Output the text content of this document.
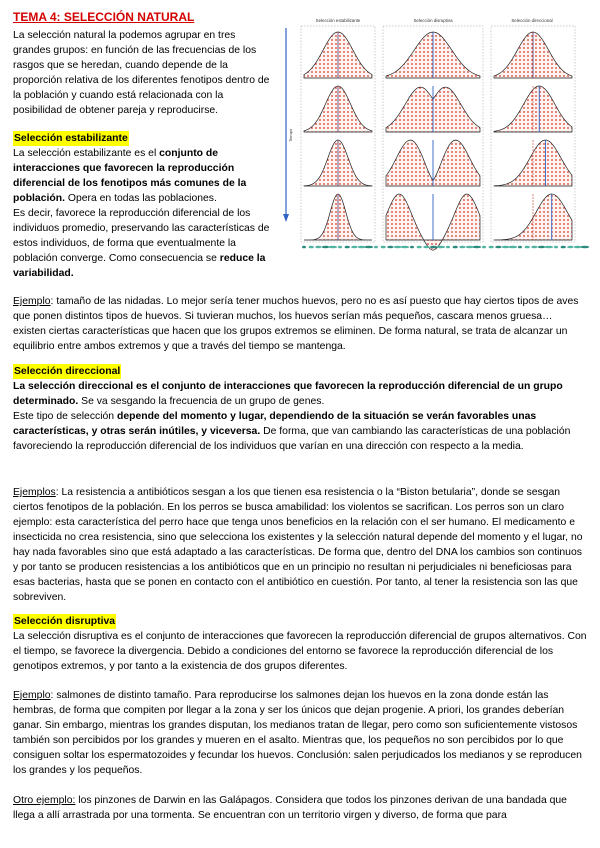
TEMA 4: SELECCIÓN NATURAL

La selección natural la podemos agrupar en tres grandes grupos: en función de las frecuencias de los rasgos que se heredan, cuando depende de la proporción relativa de los diferentes fenotipos dentro de la población y cuando está relacionada con la posibilidad de obtener pareja y reproducirse.

Tiempo
Selección estabilizante	Selección disruptiva	Selección direccional

Selección estabilizante

La selección estabilizante es el conjunto de interacciones que favorecen la reproducción diferencial de los fenotipos más comunes de la población. Opera en todas las poblaciones.

Es decir, favorece la reproducción diferencial de los individuos promedio, preservando las características de estos individuos, de forma que eventualmente la población converge. Como consecuencia se reduce la variabilidad.

Ejemplo: tamaño de las nidadas. Lo mejor sería tener muchos huevos, pero no es así puesto que hay ciertos tipos de aves que ponen distintos tipos de huevos. Si tuvieran muchos, los huevos serían más pequeños, cascara menos gruesa… existen ciertas características que hacen que los grupos extremos se eliminen. De forma natural, se trata de alcanzar un equilibrio entre ambos extremos y que a través del tiempo se mantenga.

Selección direccional

La selección direccional es el conjunto de interacciones que favorecen la reproducción diferencial de un grupo determinado. Se va sesgando la frecuencia de un grupo de genes.

Este tipo de selección depende del momento y lugar, dependiendo de la situación se verán favorables unas características, y otras serán inútiles, y viceversa. De forma, que van cambiando las características de una población favoreciendo la reproducción diferencial de los individuos que varían en una dirección con respecto a la media.

Ejemplos: La resistencia a antibióticos sesgan a los que tienen esa resistencia o la “Biston betularia”, donde se sesgan ciertos fenotipos de la población. En los perros se busca amabilidad: los violentos se sacrifican. Los perros son un claro ejemplo: esta característica del perro hace que tenga unos beneficios en la relación con el ser humano. El medicamento e insecticida no crea resistencia, sino que selecciona los existentes y la selección natural depende del momento y el lugar, no hay nada favorables sino que está adaptado a las características. De forma que, dentro del DNA los cambios son continuos y por tanto se producen resistencias a los antibióticos que en un principio no resultan ni perjudiciales ni beneficiosas para esas bacterias, hasta que se ponen en contacto con el antibiótico en cuestión. Por tanto, al tener la resistencia son las que sobreviven.

Selección disruptiva

La selección disruptiva es el conjunto de interacciones que favorecen la reproducción diferencial de grupos alternativos. Con el tiempo, se favorece la divergencia. Debido a condiciones del entorno se favorece la reproducción diferencial de los genotipos extremos, y por tanto a la existencia de dos grupos diferentes.

Ejemplo: salmones de distinto tamaño. Para reproducirse los salmones dejan los huevos en la zona donde están las hembras, de forma que compiten por llegar a la zona y ser los únicos que dejan progenie. A priori, los grandes deberían ganar. Sin embargo, mientras los grandes disputan, los medianos tratan de llegar, pero como son suficientemente vistosos también son percibidos por los grandes y mueren en el asalto. Mientras que, los pequeños no son percibidos por lo que consiguen soltar los espermatozoides y fecundar los huevos. Conclusión: salen perjudicados los medianos y se reproducen los grandes y los pequeños.

Otro ejemplo: los pinzones de Darwin en las Galápagos. Considera que todos los pinzones derivan de una bandada que llega a allí arrastrada por una tormenta. Se encuentran con un territorio virgen y diverso, de forma que para
